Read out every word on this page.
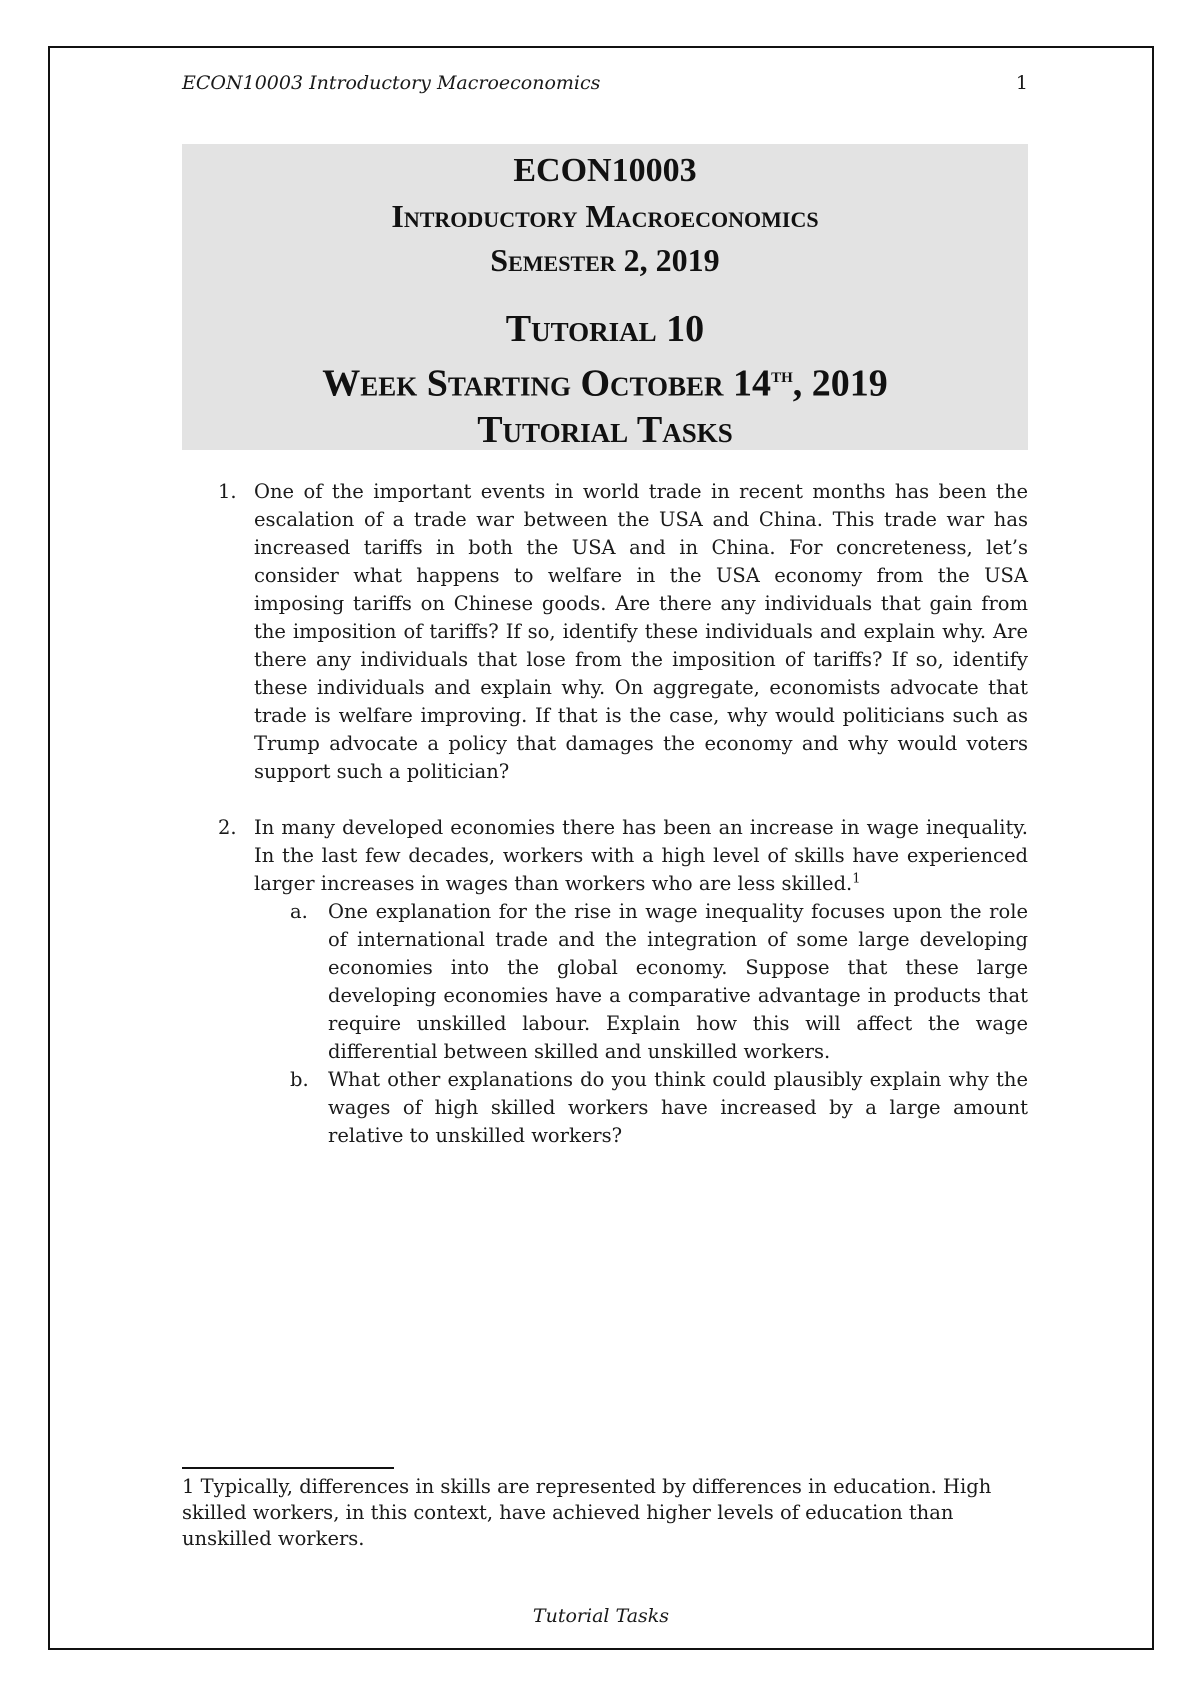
ECON10003 Introductory Macroeconomics	1
ECON10003
Introductory Macroeconomics
Semester 2, 2019
Tutorial 10
Week Starting October 14th, 2019
Tutorial Tasks
1. One of the important events in world trade in recent months has been the escalation of a trade war between the USA and China. This trade war has increased tariffs in both the USA and in China. For concreteness, let’s consider what happens to welfare in the USA economy from the USA imposing tariffs on Chinese goods. Are there any individuals that gain from the imposition of tariffs? If so, identify these individuals and explain why. Are there any individuals that lose from the imposition of tariffs? If so, identify these individuals and explain why. On aggregate, economists advocate that trade is welfare improving. If that is the case, why would politicians such as Trump advocate a policy that damages the economy and why would voters support such a politician?
2. In many developed economies there has been an increase in wage inequality. In the last few decades, workers with a high level of skills have experienced larger increases in wages than workers who are less skilled.$^1$
a.	One explanation for the rise in wage inequality focuses upon the role of international trade and the integration of some large developing economies into the global economy. Suppose that these large developing economies have a comparative advantage in products that require unskilled labour. Explain how this will affect the wage differential between skilled and unskilled workers.
b. What other explanations do you think could plausibly explain why the wages of high skilled workers have increased by a large amount relative to unskilled workers?
1 Typically, differences in skills are represented by differences in education. High skilled workers, in this context, have achieved higher levels of education than unskilled workers.
Tutorial Tasks
